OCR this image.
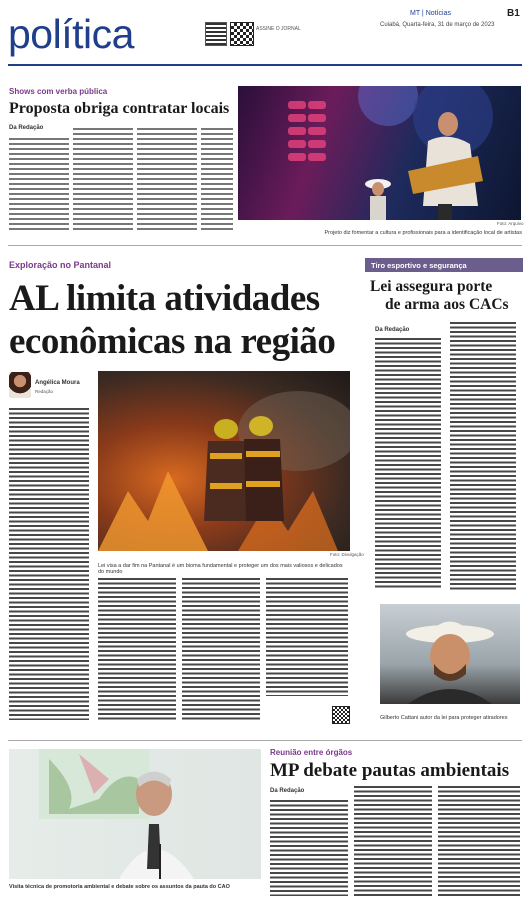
política	ASSINE O JORNAL
MT | Notícias	B1
Cuiabá, Quarta-feira, 31 de março de 2023
Shows com verba pública
Proposta obriga contratar locais
Da Redação
Foto: Arquivo
Projeto diz fomentar a cultura e profissionais para a identificação local de artistas
Exploração no Pantanal
AL limita atividades
econômicas na região
Angélica Moura
Redação
Foto: Divulgação
Lei visa a dar fim na Pantanal é um bioma fundamental e proteger um dos mais valiosos e delicados do mundo
Tiro esportivo e segurança
Lei assegura porte
de arma aos CACs
Da Redação
Gilberto Cattani autor da lei para proteger atiradores
Visita técnica de promotoria ambiental e debate sobre os assuntos da pauta do CAO
Reunião entre órgãos
MP debate pautas ambientais
Da Redação
